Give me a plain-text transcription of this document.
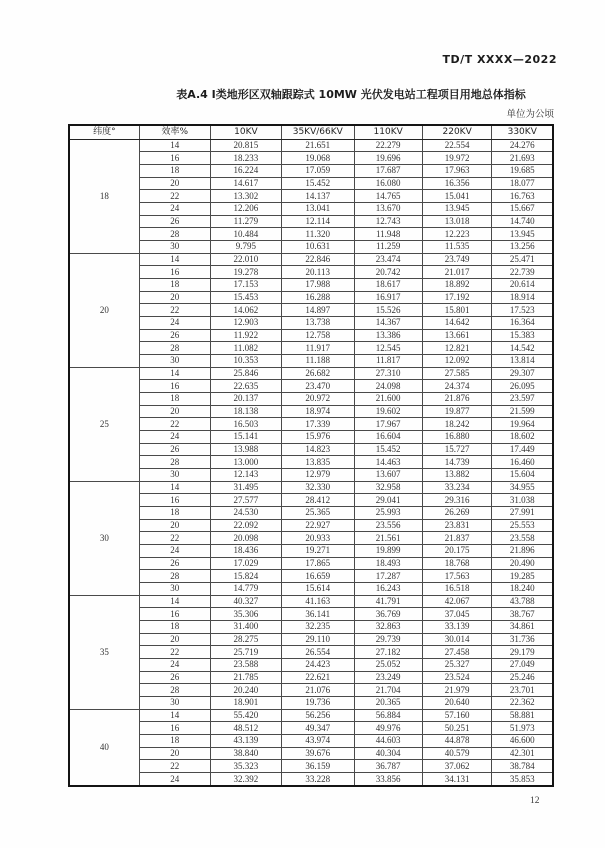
TD/T XXXX—2022
表A.4 Ⅰ类地形区双轴跟踪式 10MW 光伏发电站工程项目用地总体指标
单位为公顷
纬度°	效率%	10KV	35KV/66KV	110KV	220KV	330KV
18	14	20.815	21.651	22.279	22.554	24.276
	16	18.233	19.068	19.696	19.972	21.693
	18	16.224	17.059	17.687	17.963	19.685
	20	14.617	15.452	16.080	16.356	18.077
	22	13.302	14.137	14.765	15.041	16.763
	24	12.206	13.041	13.670	13.945	15.667
	26	11.279	12.114	12.743	13.018	14.740
	28	10.484	11.320	11.948	12.223	13.945
	30	9.795	10.631	11.259	11.535	13.256
20	14	22.010	22.846	23.474	23.749	25.471
	16	19.278	20.113	20.742	21.017	22.739
	18	17.153	17.988	18.617	18.892	20.614
	20	15.453	16.288	16.917	17.192	18.914
	22	14.062	14.897	15.526	15.801	17.523
	24	12.903	13.738	14.367	14.642	16.364
	26	11.922	12.758	13.386	13.661	15.383
	28	11.082	11.917	12.545	12.821	14.542
	30	10.353	11.188	11.817	12.092	13.814
25	14	25.846	26.682	27.310	27.585	29.307
	16	22.635	23.470	24.098	24.374	26.095
	18	20.137	20.972	21.600	21.876	23.597
	20	18.138	18.974	19.602	19.877	21.599
	22	16.503	17.339	17.967	18.242	19.964
	24	15.141	15.976	16.604	16.880	18.602
	26	13.988	14.823	15.452	15.727	17.449
	28	13.000	13.835	14.463	14.739	16.460
	30	12.143	12.979	13.607	13.882	15.604
30	14	31.495	32.330	32.958	33.234	34.955
	16	27.577	28.412	29.041	29.316	31.038
	18	24.530	25.365	25.993	26.269	27.991
	20	22.092	22.927	23.556	23.831	25.553
	22	20.098	20.933	21.561	21.837	23.558
	24	18.436	19.271	19.899	20.175	21.896
	26	17.029	17.865	18.493	18.768	20.490
	28	15.824	16.659	17.287	17.563	19.285
	30	14.779	15.614	16.243	16.518	18.240
35	14	40.327	41.163	41.791	42.067	43.788
	16	35.306	36.141	36.769	37.045	38.767
	18	31.400	32.235	32.863	33.139	34.861
	20	28.275	29.110	29.739	30.014	31.736
	22	25.719	26.554	27.182	27.458	29.179
	24	23.588	24.423	25.052	25.327	27.049
	26	21.785	22.621	23.249	23.524	25.246
	28	20.240	21.076	21.704	21.979	23.701
	30	18.901	19.736	20.365	20.640	22.362
40	14	55.420	56.256	56.884	57.160	58.881
	16	48.512	49.347	49.976	50.251	51.973
	18	43.139	43.974	44.603	44.878	46.600
	20	38.840	39.676	40.304	40.579	42.301
	22	35.323	36.159	36.787	37.062	38.784
	24	32.392	33.228	33.856	34.131	35.853
12
